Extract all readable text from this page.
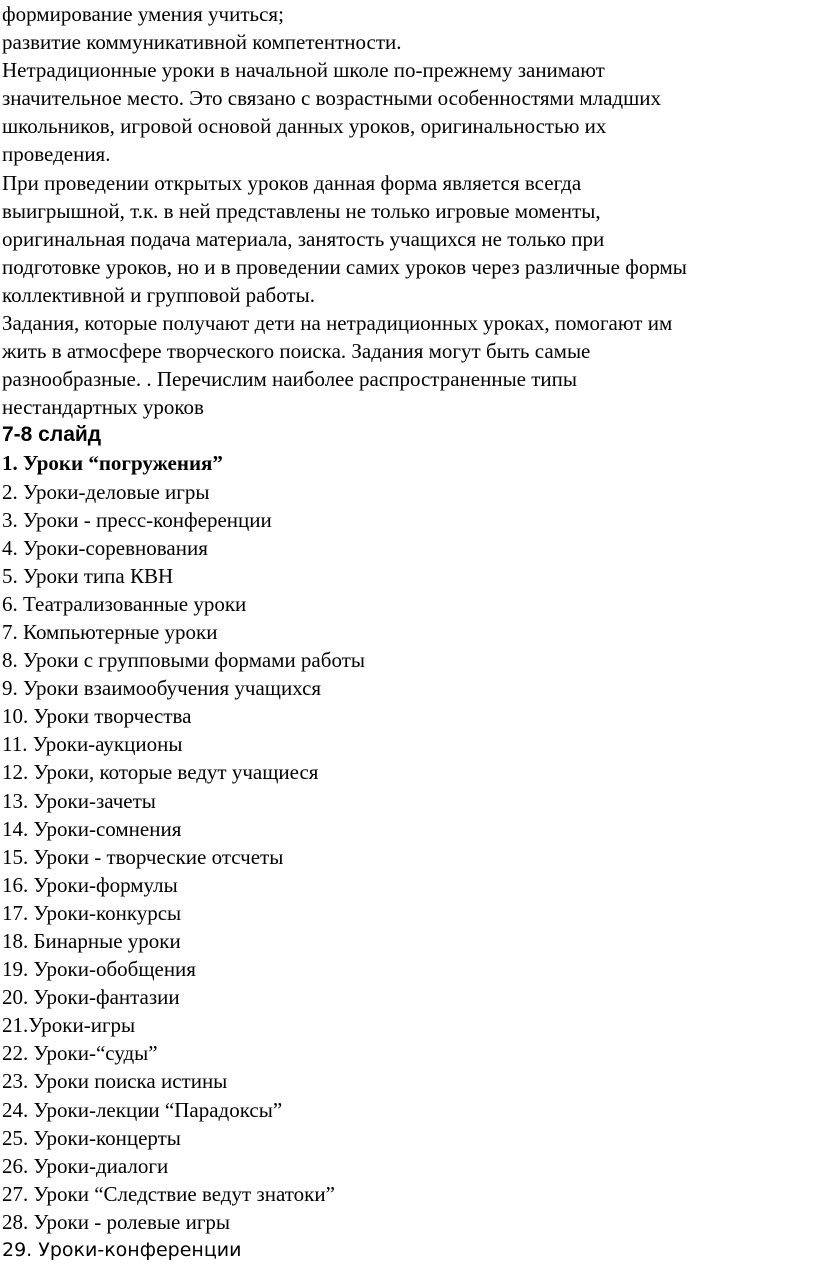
формирование умения учиться;
развитие коммуникативной компетентности.
Нетрадиционные уроки в начальной школе по-прежнему занимают
значительное место. Это связано с возрастными особенностями младших
школьников, игровой основой данных уроков, оригинальностью их
проведения.
При проведении открытых уроков данная форма является всегда
выигрышной, т.к. в ней представлены не только игровые моменты,
оригинальная подача материала, занятость учащихся не только при
подготовке уроков, но и в проведении самих уроков через различные формы
коллективной и групповой работы.
Задания, которые получают дети на нетрадиционных уроках, помогают им
жить в атмосфере творческого поиска. Задания могут быть самые
разнообразные. . Перечислим наиболее распространенные типы
нестандартных уроков
7-8 слайд
1. Уроки “погружения”
2. Уроки-деловые игры
3. Уроки - пресс-конференции
4. Уроки-соревнования
5. Уроки типа КВН
6. Театрализованные уроки
7. Компьютерные уроки
8. Уроки с групповыми формами работы
9. Уроки взаимообучения учащихся
10. Уроки творчества
11. Уроки-аукционы
12. Уроки, которые ведут учащиеся
13. Уроки-зачеты
14. Уроки-сомнения
15. Уроки - творческие отсчеты
16. Уроки-формулы
17. Уроки-конкурсы
18. Бинарные уроки
19. Уроки-обобщения
20. Уроки-фантазии
21.Уроки-игры
22. Уроки-“суды”
23. Уроки поиска истины
24. Уроки-лекции “Парадоксы”
25. Уроки-концерты
26. Уроки-диалоги
27. Уроки “Следствие ведут знатоки”
28. Уроки - ролевые игры
29. Уроки-конференции
